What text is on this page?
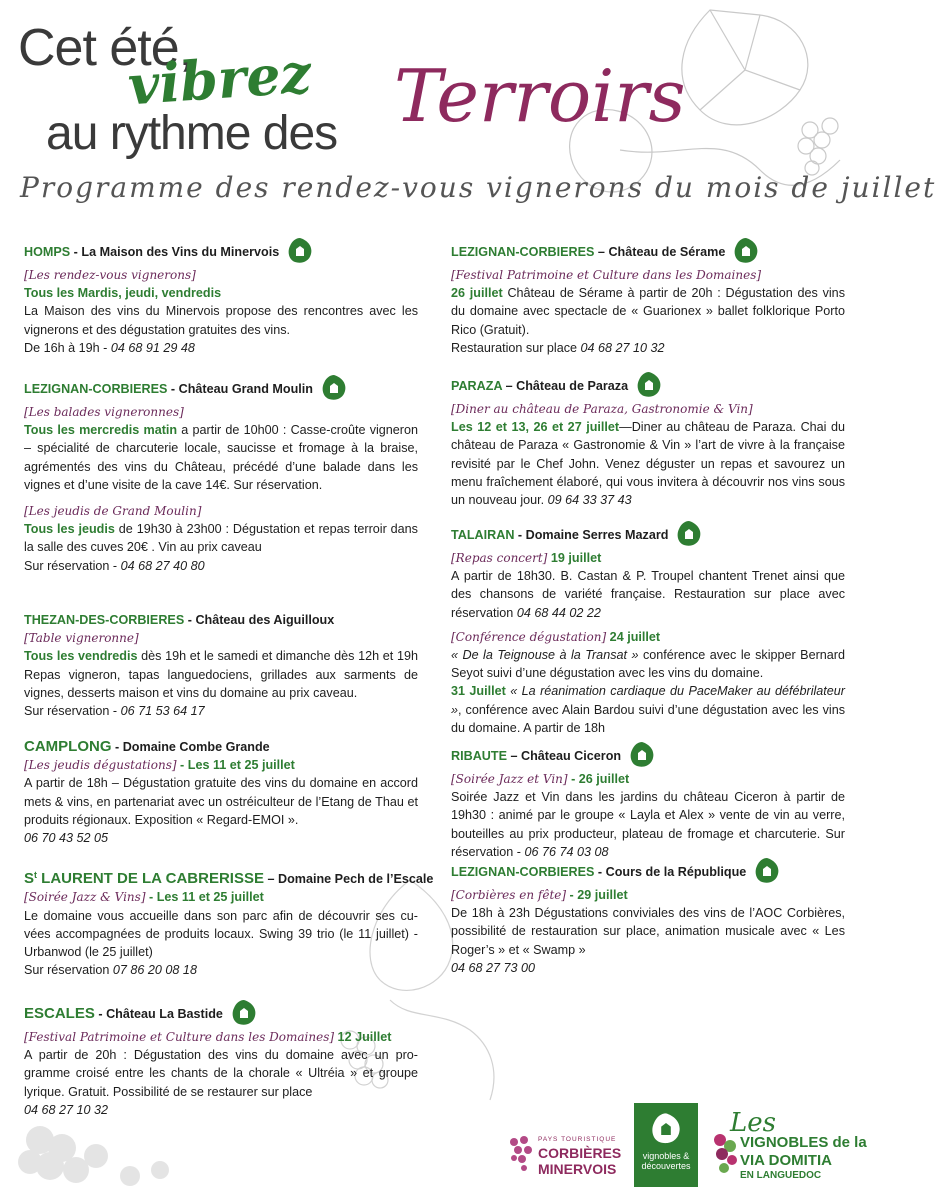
Cet été,
vibrez
au rythme des Terroirs
Programme des rendez-vous vignerons du mois de juillet
HOMPS - La Maison des Vins du Minervois

[Les rendez-vous vignerons]

Tous les Mardis, jeudi, vendredis

La Maison des vins du Minervois propose des rencontres avec les vignerons et des dégustation gratuites des vins.

De 16h à 19h - 04 68 91 29 48

LEZIGNAN-CORBIERES - Château Grand Moulin

[Les balades vigneronnes]

Tous les mercredis matin a partir de 10h00 : Casse-croûte vigneron – spécialité de charcuterie locale, saucisse et fromage à la braise, agrémentés des vins du Château, précédé d’une balade dans les vignes et d’une visite de la cave 14€. Sur réservation.

[Les jeudis de Grand Moulin]

Tous les jeudis de 19h30 à 23h00 : Dégustation et repas terroir dans la salle des cuves 20€ . Vin au prix caveau

Sur réservation - 04 68 27 40 80

THEZAN-DES-CORBIERES - Château des Aiguilloux

[Table vigneronne]

Tous les vendredis dès 19h et le samedi et dimanche dès 12h et 19h Repas vigneron, tapas languedociens, grillades aux sarments de vignes, desserts maison et vins du domaine au prix caveau.

Sur réservation - 06 71 53 64 17

CAMPLONG - Domaine Combe Grande

[Les jeudis dégustations] - Les 11 et 25 juillet

A partir de 18h – Dégustation gratuite des vins du domaine en accord mets & vins, en partenariat avec un ostréiculteur de l’Etang de Thau et produits régionaux. Exposition « Regard-EMOI ».

06 70 43 52 05

$S^t$ LAURENT DE LA CABRERISSE – Domaine Pech de l’Escale

[Soirée Jazz & Vins] - Les 11 et 25 juillet

Le domaine vous accueille dans son parc afin de découvrir ses cuvées accompagnées de produits locaux. Swing 39 trio (le 11 juillet) -Urbanwod (le 25 juillet)

Sur réservation 07 86 20 08 18

ESCALES - Château La Bastide

[Festival Patrimoine et Culture dans les Domaines] 12 Juillet

A partir de 20h : Dégustation des vins du domaine avec un programme croisé entre les chants de la chorale « Ultréia » et groupe lyrique. Gratuit. Possibilité de se restaurer sur place

04 68 27 10 32

LEZIGNAN-CORBIERES – Château de Sérame

[Festival Patrimoine et Culture dans les Domaines]

26 juillet Château de Sérame à partir de 20h : Dégustation des vins du domaine avec spectacle de « Guarionex » ballet folklorique Porto Rico (Gratuit).

Restauration sur place 04 68 27 10 32

PARAZA – Château de Paraza

[Diner au château de Paraza, Gastronomie & Vin]

Les 12 et 13, 26 et 27 juillet—Diner au château de Paraza. Chai du château de Paraza « Gastronomie & Vin » l’art de vivre à la française revisité par le Chef John. Venez déguster un repas et savourez un menu fraîchement élaboré, qui vous invitera à découvrir nos vins sous un nouveau jour. 09 64 33 37 43

TALAIRAN - Domaine Serres Mazard

[Repas concert] 19 juillet

A partir de 18h30. B. Castan & P. Troupel chantent Trenet ainsi que des chansons de variété française. Restauration sur place avec réservation 04 68 44 02 22

[Conférence dégustation] 24 juillet

« De la Teignouse à la Transat » conférence avec le skipper Bernard Seyot suivi d’une dégustation avec les vins du domaine.

31 Juillet « La réanimation cardiaque du PaceMaker au défébrilateur », conférence avec Alain Bardou suivi d’une dégustation avec les vins du domaine. A partir de 18h

RIBAUTE – Château Ciceron

[Soirée Jazz et Vin] - 26 juillet

Soirée Jazz et Vin dans les jardins du château Ciceron à partir de 19h30 : animé par le groupe « Layla et Alex » vente de vin au verre, bouteilles au prix producteur, plateau de fromage et charcuterie. Sur réservation - 06 76 74 03 08

LEZIGNAN-CORBIERES - Cours de la République

[Corbières en fête] - 29 juillet

De 18h à 23h Dégustations conviviales des vins de l’AOC Corbières, possibilité de restauration sur place, animation musicale avec « Les Roger’s » et « Swamp »

04 68 27 73 00

PAYS TOURISTIQUE
CORBIÈRES
MINERVOIS
vignobles & découvertes
Les
VIGNOBLES de la
VIA DOMITIA
EN LANGUEDOC
